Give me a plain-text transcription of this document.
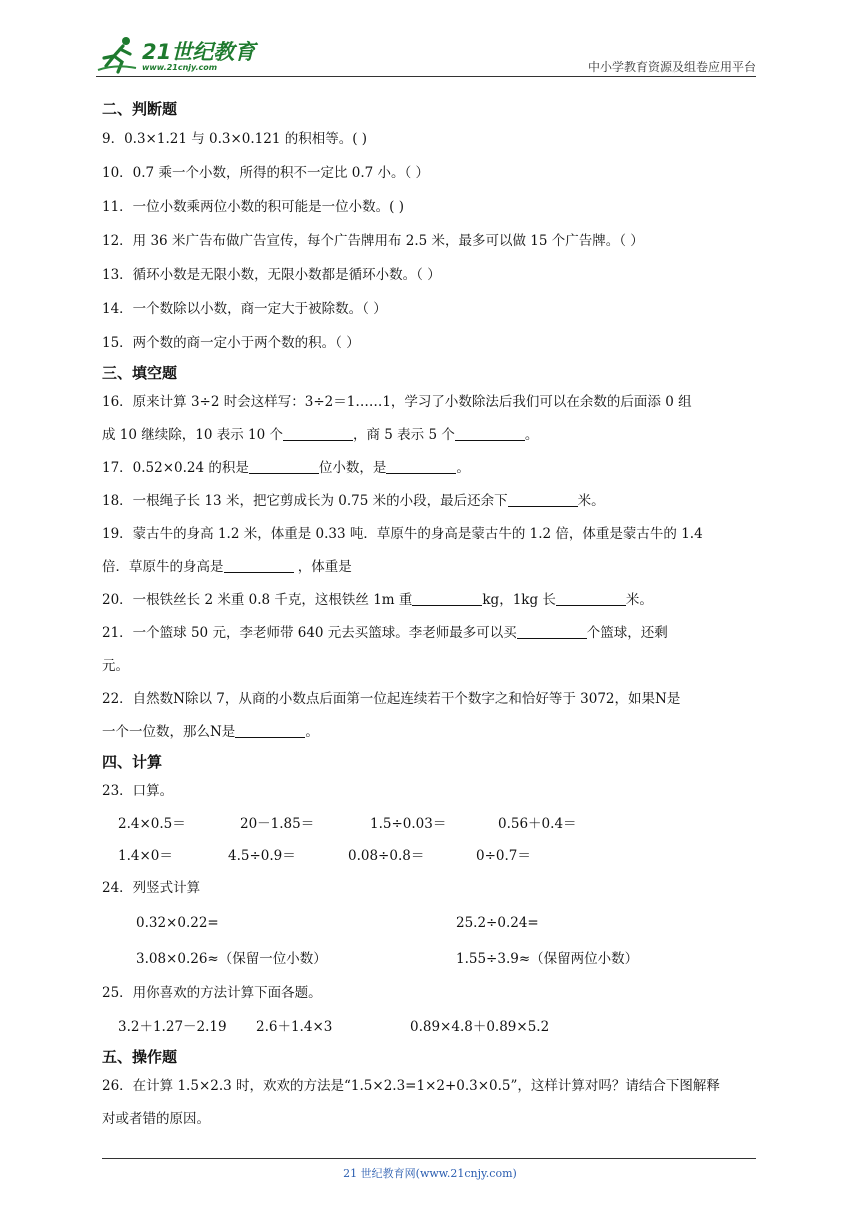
21世纪教育
www.21cnjy.com	中小学教育资源及组卷应用平台
二、判断题
9．0.3×1.21 与 0.3×0.121 的积相等。( )
10．0.7 乘一个小数，所得的积不一定比 0.7 小。（ ）
11．一位小数乘两位小数的积可能是一位小数。( )
12．用 36 米广告布做广告宣传，每个广告牌用布 2.5 米，最多可以做 15 个广告牌。（ ）
13．循环小数是无限小数，无限小数都是循环小数。（ ）
14．一个数除以小数，商一定大于被除数。（ ）
15．两个数的商一定小于两个数的积。（ ）
三、填空题
16．原来计算 3÷2 时会这样写：3÷2＝1……1，学习了小数除法后我们可以在余数的后面添 0 组
成 10 继续除，10 表示 10 个	，商 5 表示 5 个	。
17．0.52×0.24 的积是	位小数，是	。
18．一根绳子长 13 米，把它剪成长为 0.75 米的小段，最后还余下	米。
19．蒙古牛的身高 1.2 米，体重是 0.33 吨．草原牛的身高是蒙古牛的 1.2 倍，体重是蒙古牛的 1.4
倍．草原牛的身高是	，体重是
20．一根铁丝长 2 米重 0.8 千克，这根铁丝 1m 重	kg，1kg 长	米。
21．一个篮球 50 元，李老师带 640 元去买篮球。李老师最多可以买	个篮球，还剩
元。
22．自然数N除以 7，从商的小数点后面第一位起连续若干个数字之和恰好等于 3072，如果N是
一个一位数，那么N是	。
四、计算
23．口算。
2.4×0.5＝	20－1.85＝	1.5÷0.03＝	0.56＋0.4＝
1.4×0＝	4.5÷0.9＝	0.08÷0.8＝	0÷0.7＝
24．列竖式计算
0.32×0.22=	25.2÷0.24=
3.08×0.26≈（保留一位小数）	1.55÷3.9≈（保留两位小数）
25．用你喜欢的方法计算下面各题。
3.2＋1.27－2.19 2.6＋1.4×3	0.89×4.8＋0.89×5.2
五、操作题
26．在计算 1.5×2.3 时，欢欢的方法是“1.5×2.3=1×2+0.3×0.5”，这样计算对吗？请结合下图解释
对或者错的原因。
21 世纪教育网(www.21cnjy.com)
